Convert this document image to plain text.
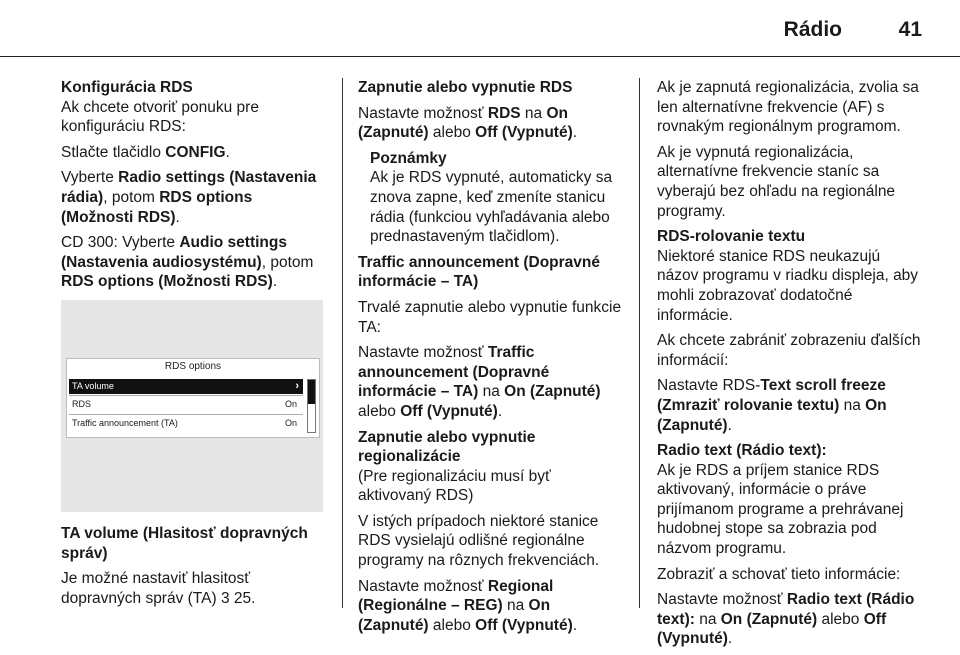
Rádio	41

Konfigurácia RDS
Ak chcete otvoriť ponuku pre konfiguráciu RDS:

Stlačte tlačidlo CONFIG.

Vyberte Radio settings (Nastavenia rádia), potom RDS options (Možnosti RDS).

CD 300: Vyberte Audio settings (Nastavenia audiosystému), potom RDS options (Možnosti RDS).

RDS options
TA volume	›
RDS	On
Traffic announcement (TA)	On

TA volume (Hlasitosť dopravných správ)

Je možné nastaviť hlasitosť dopravných správ (TA) 3 25.

Zapnutie alebo vypnutie RDS

Nastavte možnosť RDS na On (Zapnuté) alebo Off (Vypnuté).

Poznámky
Ak je RDS vypnuté, automaticky sa znova zapne, keď zmeníte stanicu rádia (funkciou vyhľadávania alebo prednastaveným tlačidlom).

Traffic announcement (Dopravné informácie – TA)

Trvalé zapnutie alebo vypnutie funkcie TA:

Nastavte možnosť Traffic announcement (Dopravné informácie – TA) na On (Zapnuté) alebo Off (Vypnuté).

Zapnutie alebo vypnutie regionalizácie
(Pre regionalizáciu musí byť aktivovaný RDS)

V istých prípadoch niektoré stanice RDS vysielajú odlišné regionálne programy na rôznych frekvenciách.

Nastavte možnosť Regional (Regionálne – REG) na On (Zapnuté) alebo Off (Vypnuté).

Ak je zapnutá regionalizácia, zvolia sa len alternatívne frekvencie (AF) s rovnakým regionálnym programom.

Ak je vypnutá regionalizácia, alternatívne frekvencie staníc sa vyberajú bez ohľadu na regionálne programy.

RDS-rolovanie textu
Niektoré stanice RDS neukazujú názov programu v riadku displeja, aby mohli zobrazovať dodatočné informácie.

Ak chcete zabrániť zobrazeniu ďalších informácií:

Nastavte RDS-Text scroll freeze (Zmraziť rolovanie textu) na On (Zapnuté).

Radio text (Rádio text):
Ak je RDS a príjem stanice RDS aktivovaný, informácie o práve prijímanom programe a prehrávanej hudobnej stope sa zobrazia pod názvom programu.

Zobraziť a schovať tieto informácie:

Nastavte možnosť Radio text (Rádio text): na On (Zapnuté) alebo Off (Vypnuté).
